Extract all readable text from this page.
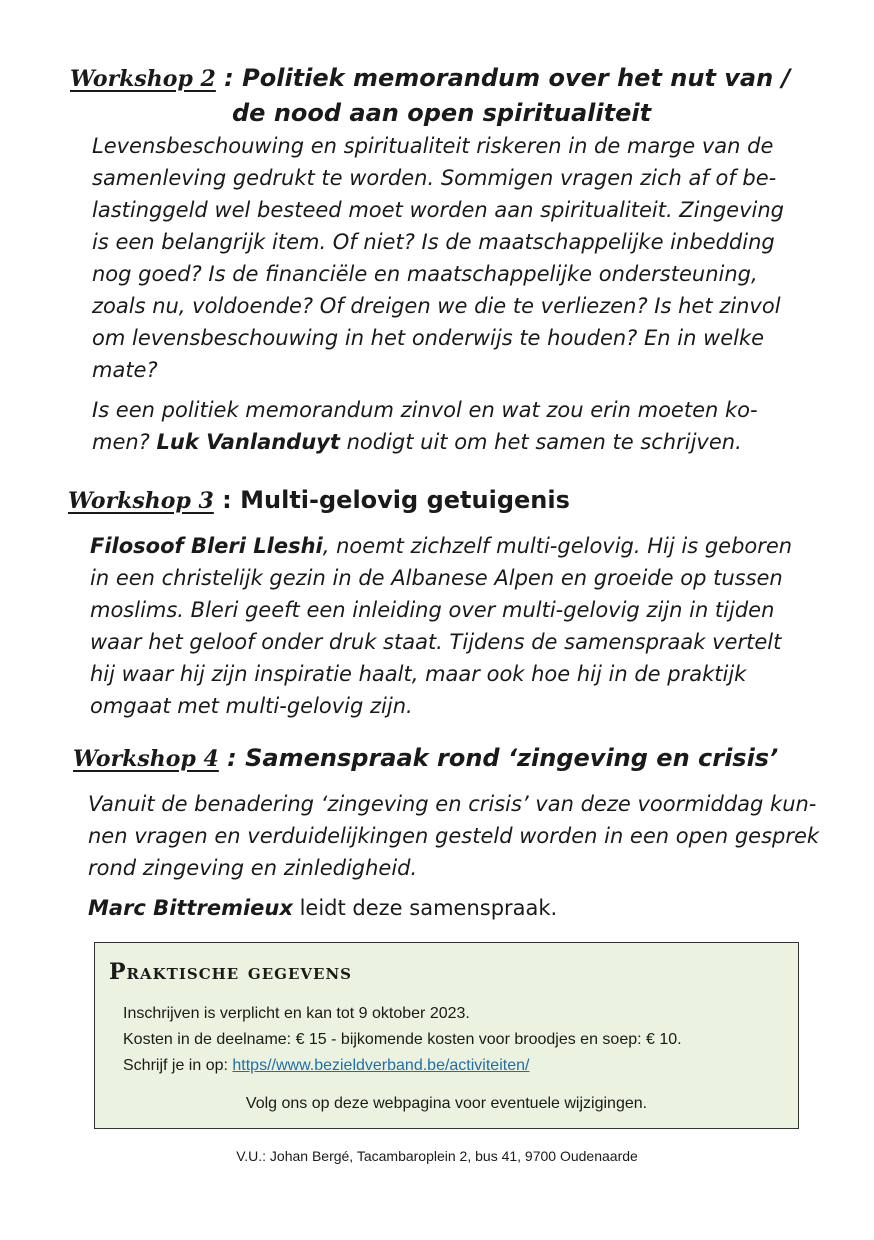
Workshop 2 : Politiek memorandum over het nut van /
de nood aan open spiritualiteit
Levensbeschouwing en spiritualiteit riskeren in de marge van de
samenleving gedrukt te worden. Sommigen vragen zich af of be-
lastinggeld wel besteed moet worden aan spiritualiteit. Zingeving
is een belangrijk item. Of niet? Is de maatschappelijke inbedding
nog goed? Is de financiële en maatschappelijke ondersteuning,
zoals nu, voldoende? Of dreigen we die te verliezen? Is het zinvol
om levensbeschouwing in het onderwijs te houden? En in welke
mate?
Is een politiek memorandum zinvol en wat zou erin moeten ko-
men? Luk Vanlanduyt nodigt uit om het samen te schrijven.
Workshop 3 : Multi-gelovig getuigenis
Filosoof Bleri Lleshi, noemt zichzelf multi-gelovig. Hij is geboren
in een christelijk gezin in de Albanese Alpen en groeide op tussen
moslims. Bleri geeft een inleiding over multi-gelovig zijn in tijden
waar het geloof onder druk staat. Tijdens de samenspraak vertelt
hij waar hij zijn inspiratie haalt, maar ook hoe hij in de praktijk
omgaat met multi-gelovig zijn.
Workshop 4 : Samenspraak rond ‘zingeving en crisis’
Vanuit de benadering ‘zingeving en crisis’ van deze voormiddag kun-
nen vragen en verduidelijkingen gesteld worden in een open gesprek
rond zingeving en zinledigheid.
Marc Bittremieux leidt deze samenspraak.
Praktische gegevens
Inschrijven is verplicht en kan tot 9 oktober 2023.
Kosten in de deelname: € 15 - bijkomende kosten voor broodjes en soep: € 10.
Schrijf je in op: https//www.bezieldverband.be/activiteiten/
Volg ons op deze webpagina voor eventuele wijzigingen.
V.U.: Johan Bergé, Tacambaroplein 2, bus 41, 9700 Oudenaarde
